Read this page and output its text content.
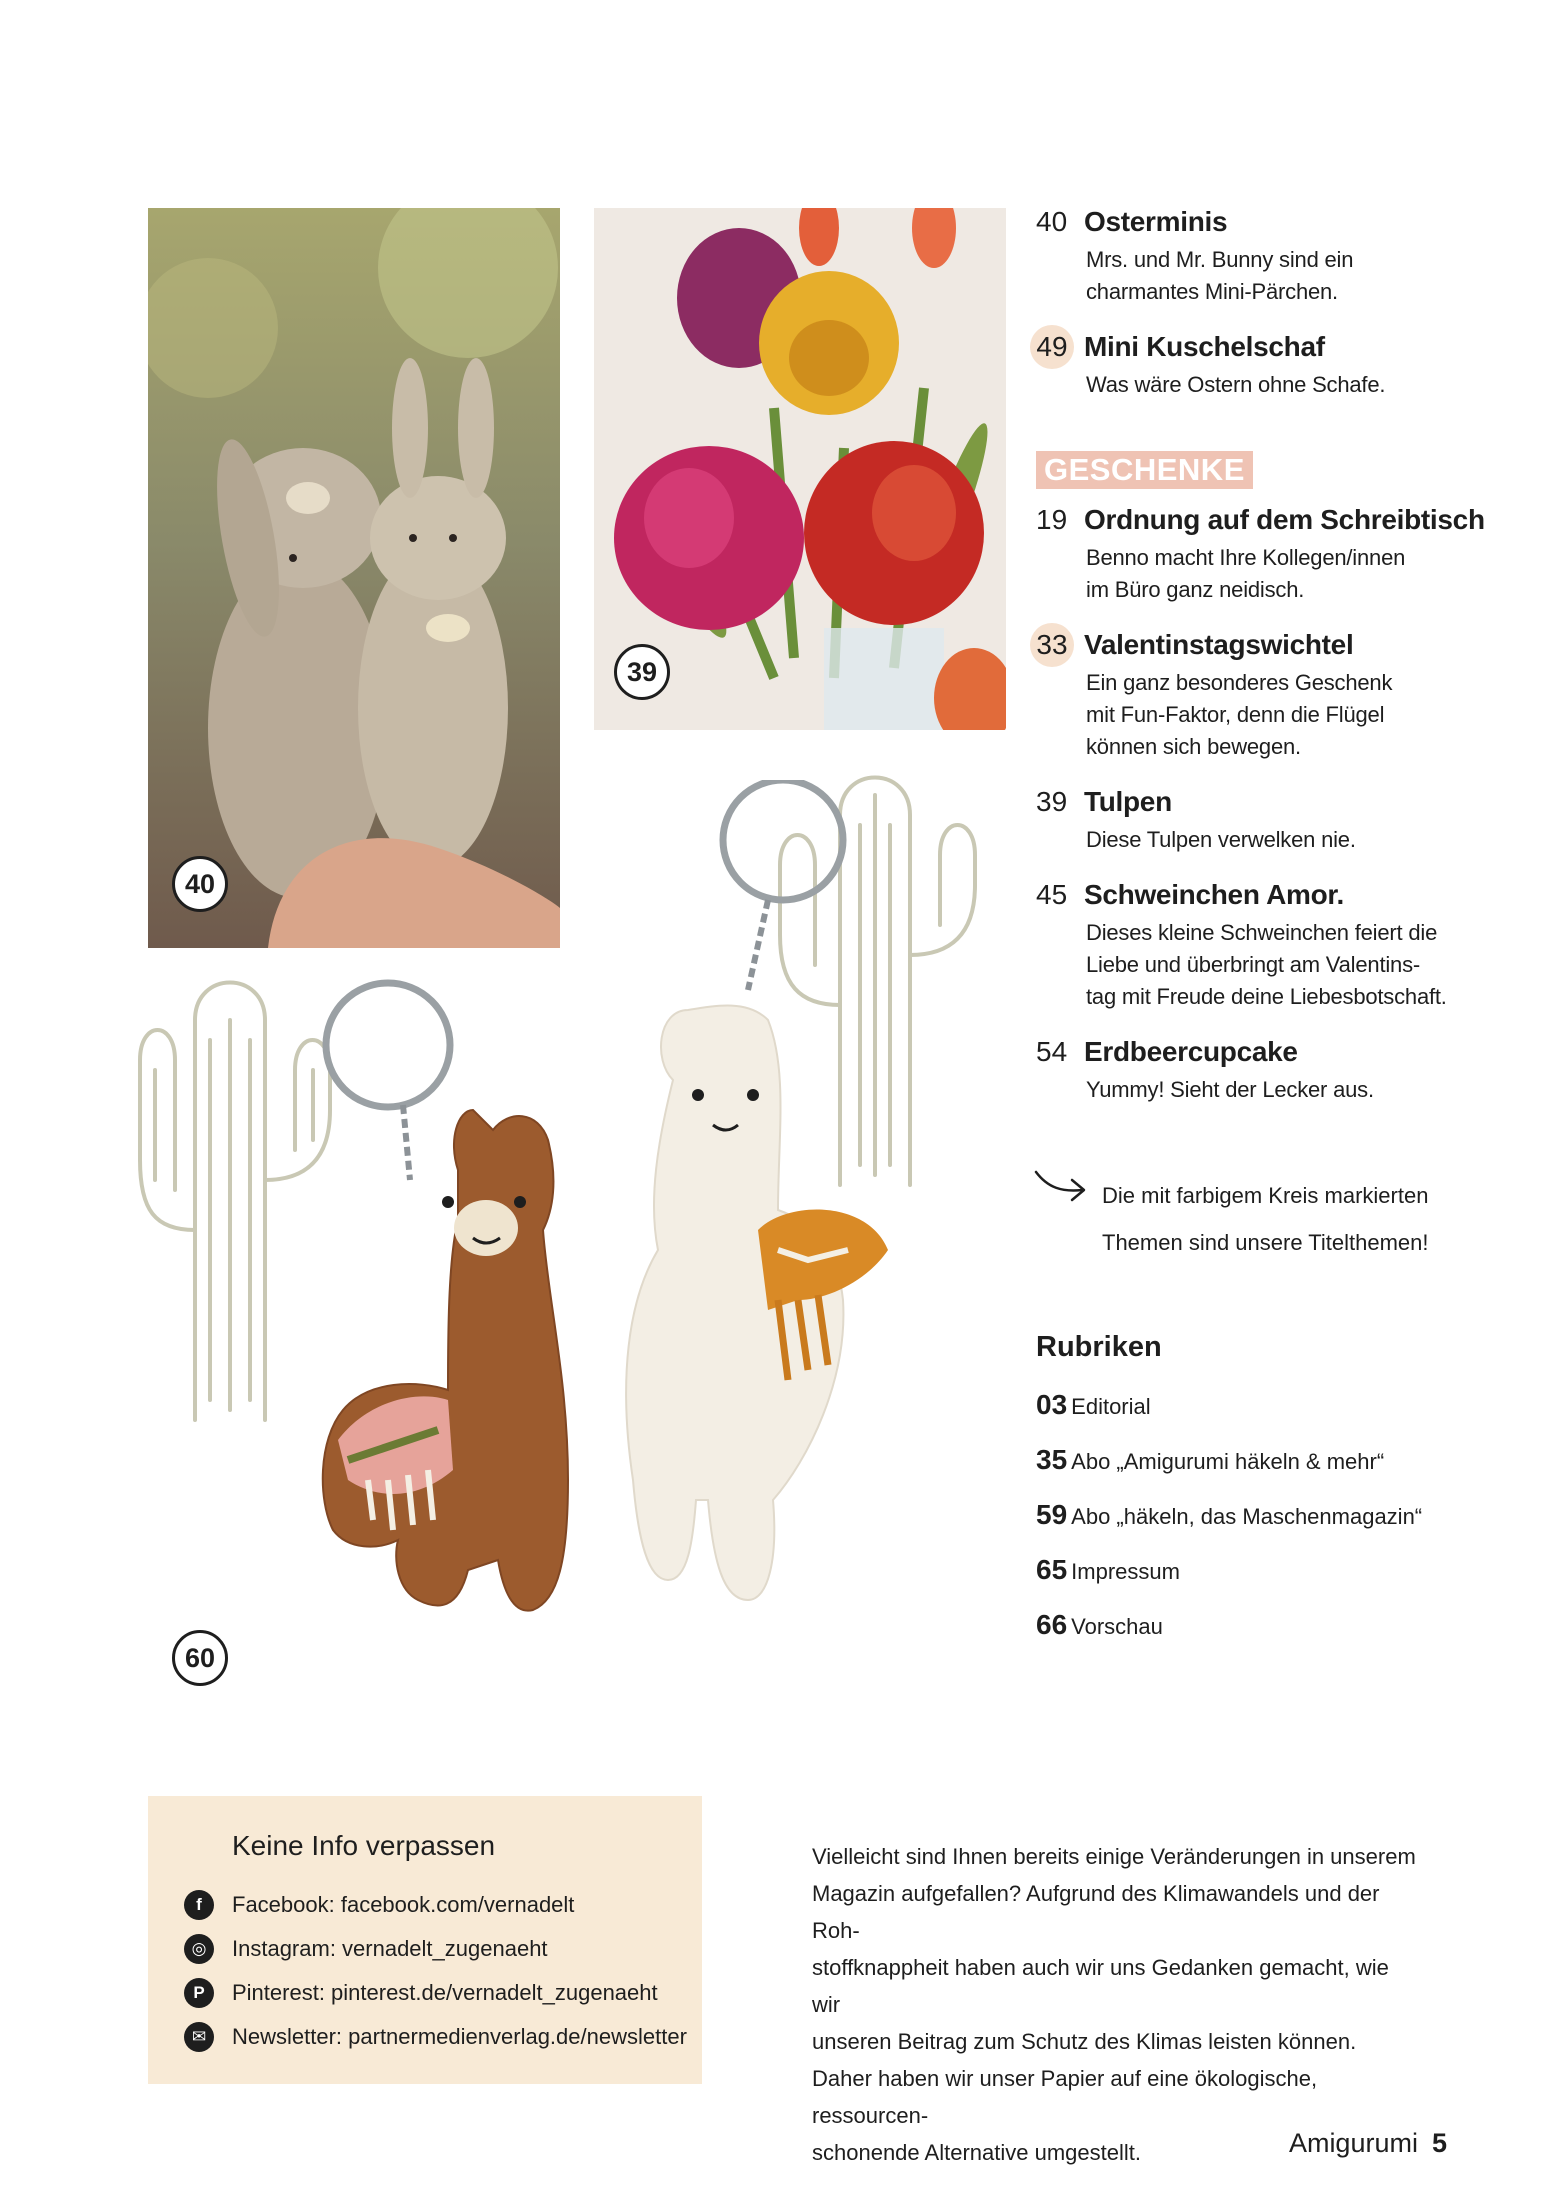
40
39
60
40 Osterminis
Mrs. und Mr. Bunny sind ein
charmantes Mini-Pärchen.
49 Mini Kuschelschaf
Was wäre Ostern ohne Schafe.
GESCHENKE
19 Ordnung auf dem Schreibtisch
Benno macht Ihre Kollegen/innen
im Büro ganz neidisch.
33 Valentinstagswichtel
Ein ganz besonderes Geschenk
mit Fun-Faktor, denn die Flügel
können sich bewegen.
39 Tulpen
Diese Tulpen verwelken nie.
45 Schweinchen Amor.
Dieses kleine Schweinchen feiert die
Liebe und überbringt am Valentins-
tag mit Freude deine Liebesbotschaft.
54 Erdbeercupcake
Yummy! Sieht der Lecker aus.
Die mit farbigem Kreis markierten
Themen sind unsere Titelthemen!
Rubriken
03 Editorial
35 Abo „Amigurumi häkeln & mehr“
59 Abo „häkeln, das Maschenmagazin“
65 Impressum
66 Vorschau
Keine Info verpassen
f	Facebook: facebook.com/vernadelt
◎	Instagram: vernadelt_zugenaeht
P	Pinterest: pinterest.de/vernadelt_zugenaeht
✉	Newsletter: partnermedienverlag.de/newsletter
Vielleicht sind Ihnen bereits einige Veränderungen in unserem
Magazin aufgefallen? Aufgrund des Klimawandels und der Roh-
stoffknappheit haben auch wir uns Gedanken gemacht, wie wir
unseren Beitrag zum Schutz des Klimas leisten können.
Daher haben wir unser Papier auf eine ökologische, ressourcen-
schonende Alternative umgestellt.	Amigurumi 5
